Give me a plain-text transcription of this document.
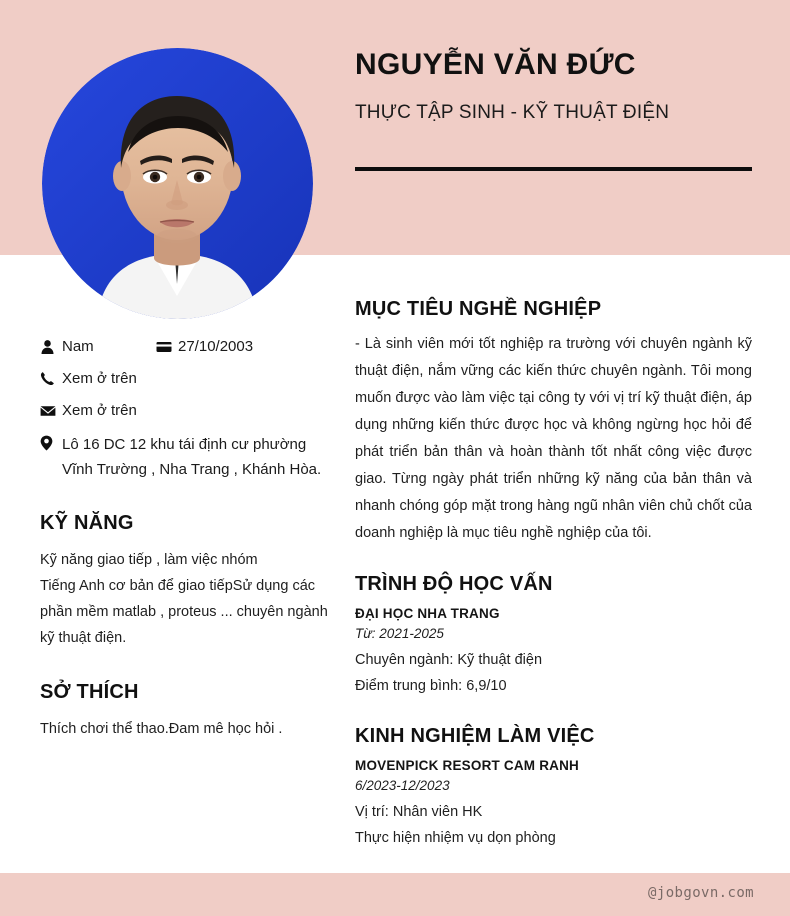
NGUYỄN VĂN ĐỨC
THỰC TẬP SINH - KỸ THUẬT ĐIỆN
Nam	27/10/2003
Xem ở trên
Xem ở trên
Lô 16 DC 12 khu tái định cư phường Vĩnh Trường , Nha Trang , Khánh Hòa.
KỸ NĂNG
Kỹ năng giao tiếp , làm việc nhóm
Tiếng Anh cơ bản để giao tiếpSử dụng các phần mềm matlab , proteus ... chuyên ngành kỹ thuật điện.
SỞ THÍCH
Thích chơi thể thao.Đam mê học hỏi .
MỤC TIÊU NGHỀ NGHIỆP
- Là sinh viên mới tốt nghiệp ra trường với chuyên ngành kỹ thuật điện, nắm vững các kiến thức chuyên ngành. Tôi mong muốn được vào làm việc tại công ty với vị trí kỹ thuật điện, áp dụng những kiến thức được học và không ngừng học hỏi để phát triển bản thân và hoàn thành tốt nhất công việc được giao. Từng ngày phát triển những kỹ năng của bản thân và nhanh chóng góp mặt trong hàng ngũ nhân viên chủ chốt của doanh nghiệp là mục tiêu nghề nghiệp của tôi.
TRÌNH ĐỘ HỌC VẤN
ĐẠI HỌC NHA TRANG
Từ: 2021-2025
Chuyên ngành: Kỹ thuật điện
Điểm trung bình: 6,9/10
KINH NGHIỆM LÀM VIỆC
MOVENPICK RESORT CAM RANH
6/2023-12/2023
Vị trí: Nhân viên HK
Thực hiện nhiệm vụ dọn phòng
@jobgovn.com
